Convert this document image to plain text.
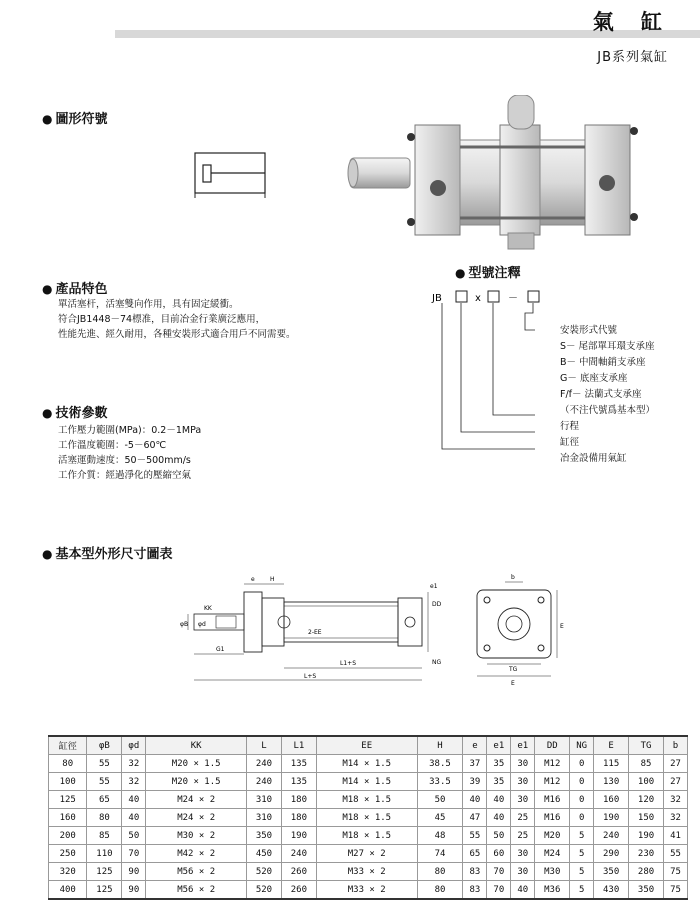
氣 缸
JB系列氣缸
● 圖形符號
● 產品特色
單活塞杆，活塞雙向作用，具有固定緩衝。
符合JB1448－74標准，目前冶金行業廣泛應用，
性能先進、經久耐用，各種安裝形式適合用戶不同需要。
● 技術參數
工作壓力範圍(MPa)：0.2－1MPa
工作溫度範圍：-5－60℃
活塞運動速度：50－500mm/s
工作介質：經過淨化的壓縮空氣
● 型號注釋
JB	x	－
安裝形式代號
S－ 尾部單耳環支承座
B－ 中間軸銷支承座
G－ 底座支承座
F/f－ 法蘭式支承座
（不注代號爲基本型）
行程
缸徑
冶金設備用氣缸
● 基本型外形尺寸圖表
e	H
e1
DD
φB φd
KK
2-EE
G1
L1+S	NG
L+S
b
E
TG
E
缸徑	φB	φd	KK	L	L1	EE	H	e	e1	e1	DD	NG	E	TG	b
80	55	32	M20 × 1.5	240	135	M14 × 1.5	38.5	37	35	30	M12	0	115	85	27
100	55	32	M20 × 1.5	240	135	M14 × 1.5	33.5	39	35	30	M12	0	130	100	27
125	65	40	M24 × 2	310	180	M18 × 1.5	50	40	40	30	M16	0	160	120	32
160	80	40	M24 × 2	310	180	M18 × 1.5	45	47	40	25	M16	0	190	150	32
200	85	50	M30 × 2	350	190	M18 × 1.5	48	55	50	25	M20	5	240	190	41
250	110	70	M42 × 2	450	240	M27 × 2	74	65	60	30	M24	5	290	230	55
320	125	90	M56 × 2	520	260	M33 × 2	80	83	70	30	M30	5	350	280	75
400	125	90	M56 × 2	520	260	M33 × 2	80	83	70	40	M36	5	430	350	75
